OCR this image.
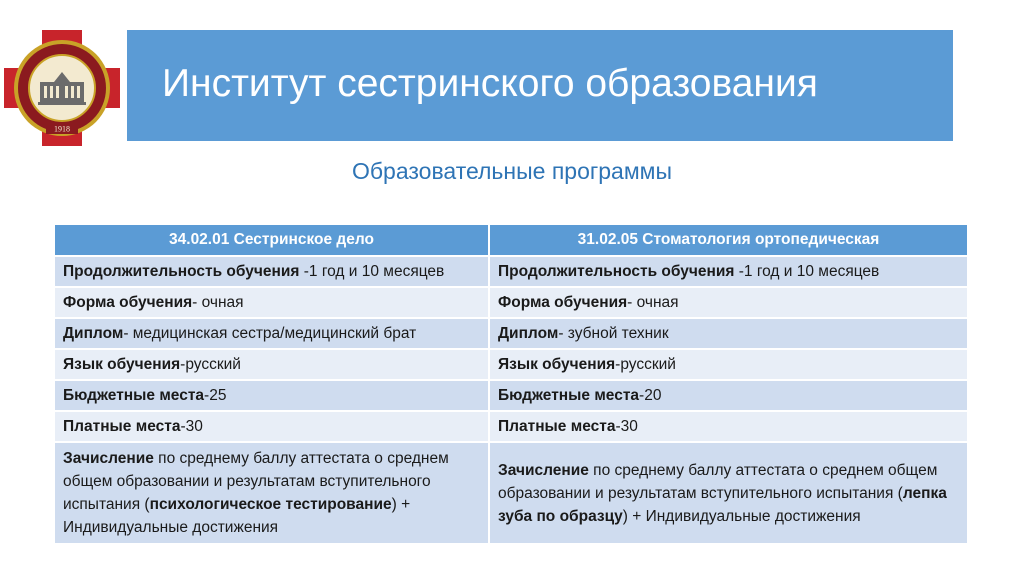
1918
Институт сестринского образования
Образовательные программы
34.02.01 Сестринское дело	31.02.05 Стоматология ортопедическая
Продолжительность обучения -1 год и 10 месяцев	Продолжительность обучения -1 год и 10 месяцев
Форма обучения- очная	Форма обучения- очная
Диплом- медицинская сестра/медицинский брат	Диплом- зубной техник
Язык обучения-русский	Язык обучения-русский
Бюджетные места-25	Бюджетные места-20
Платные места-30	Платные места-30
Зачисление по среднему баллу аттестата о среднем общем образовании и результатам вступительного испытания (психологическое тестирование) + Индивидуальные достижения	Зачисление по среднему баллу аттестата о среднем общем образовании и результатам вступительного испытания (лепка зуба по образцу) + Индивидуальные достижения
